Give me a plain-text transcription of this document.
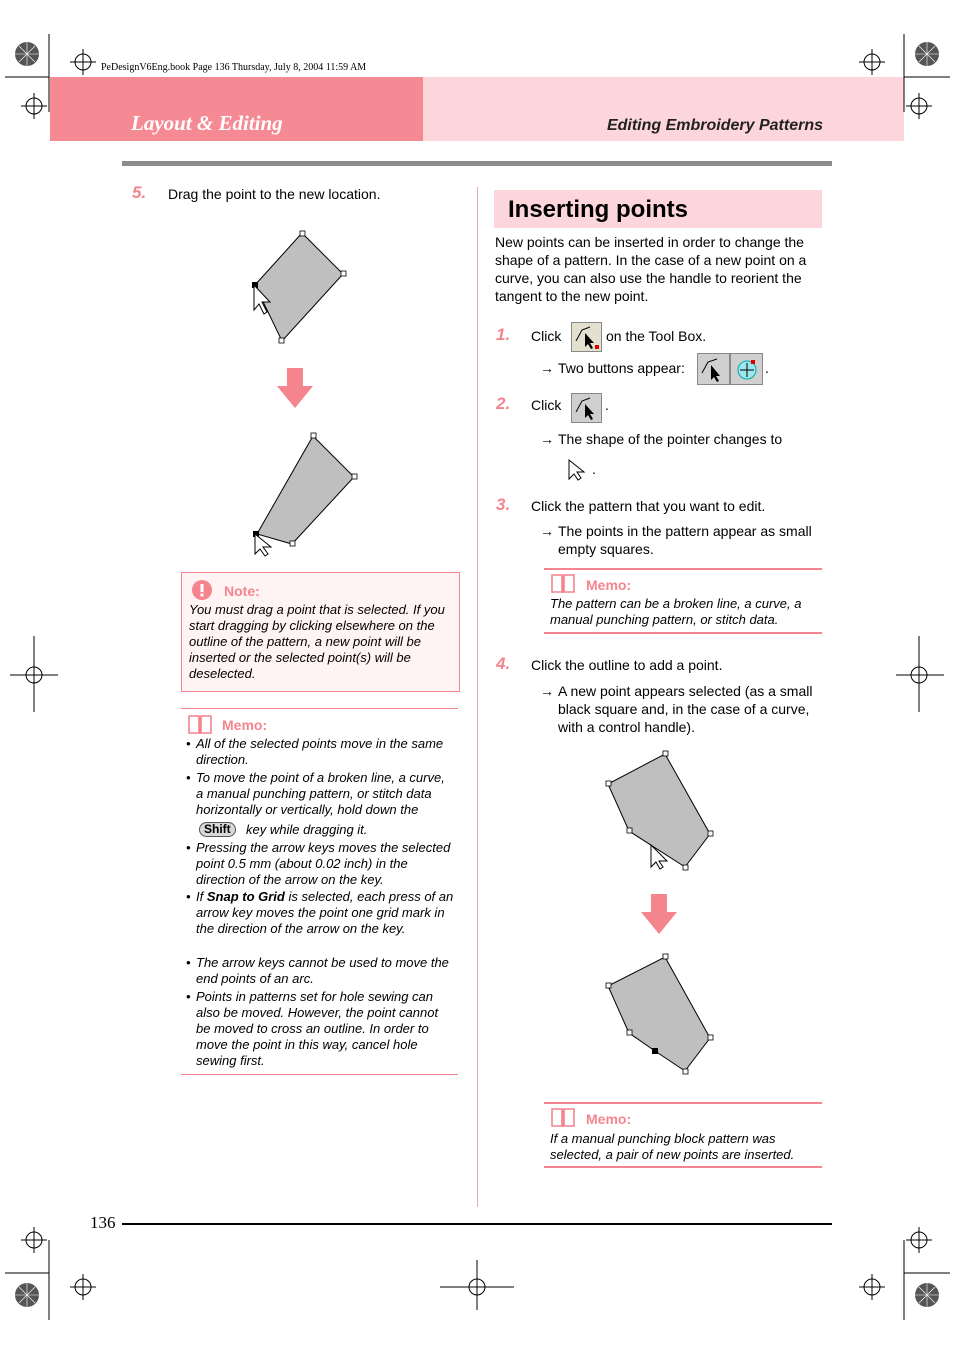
PeDesignV6Eng.book Page 136 Thursday, July 8, 2004 11:59 AM
Layout & Editing	Editing Embroidery Patterns
5. Drag the point to the new location.
Note:
You must drag a point that is selected. If you start dragging by clicking elsewhere on the outline of the pattern, a new point will be inserted or the selected point(s) will be deselected.
Memo:
• All of the selected points move in the same direction.
• To move the point of a broken line, a curve, a manual punching pattern, or stitch data horizontally or vertically, hold down the
Shift	key while dragging it.
• Pressing the arrow keys moves the selected point 0.5 mm (about 0.02 inch) in the direction of the arrow on the key.
• If Snap to Grid is selected, each press of an arrow key moves the point one grid mark in the direction of the arrow on the key.
• The arrow keys cannot be used to move the end points of an arc.
• Points in patterns set for hole sewing can also be moved. However, the point cannot be moved to cross an outline. In order to move the point in this way, cancel hole sewing first.
Inserting points
New points can be inserted in order to change the shape of a pattern. In the case of a new point on a curve, you can also use the handle to reorient the tangent to the new point.
1. Click	on the Tool Box.
→ Two buttons appear:	.
2. Click	.
→ The shape of the pointer changes to
.
3. Click the pattern that you want to edit.
→ The points in the pattern appear as small empty squares.
Memo:
The pattern can be a broken line, a curve, a manual punching pattern, or stitch data.
4. Click the outline to add a point.
→ A new point appears selected (as a small black square and, in the case of a curve, with a control handle).
Memo:
If a manual punching block pattern was selected, a pair of new points are inserted.
136
